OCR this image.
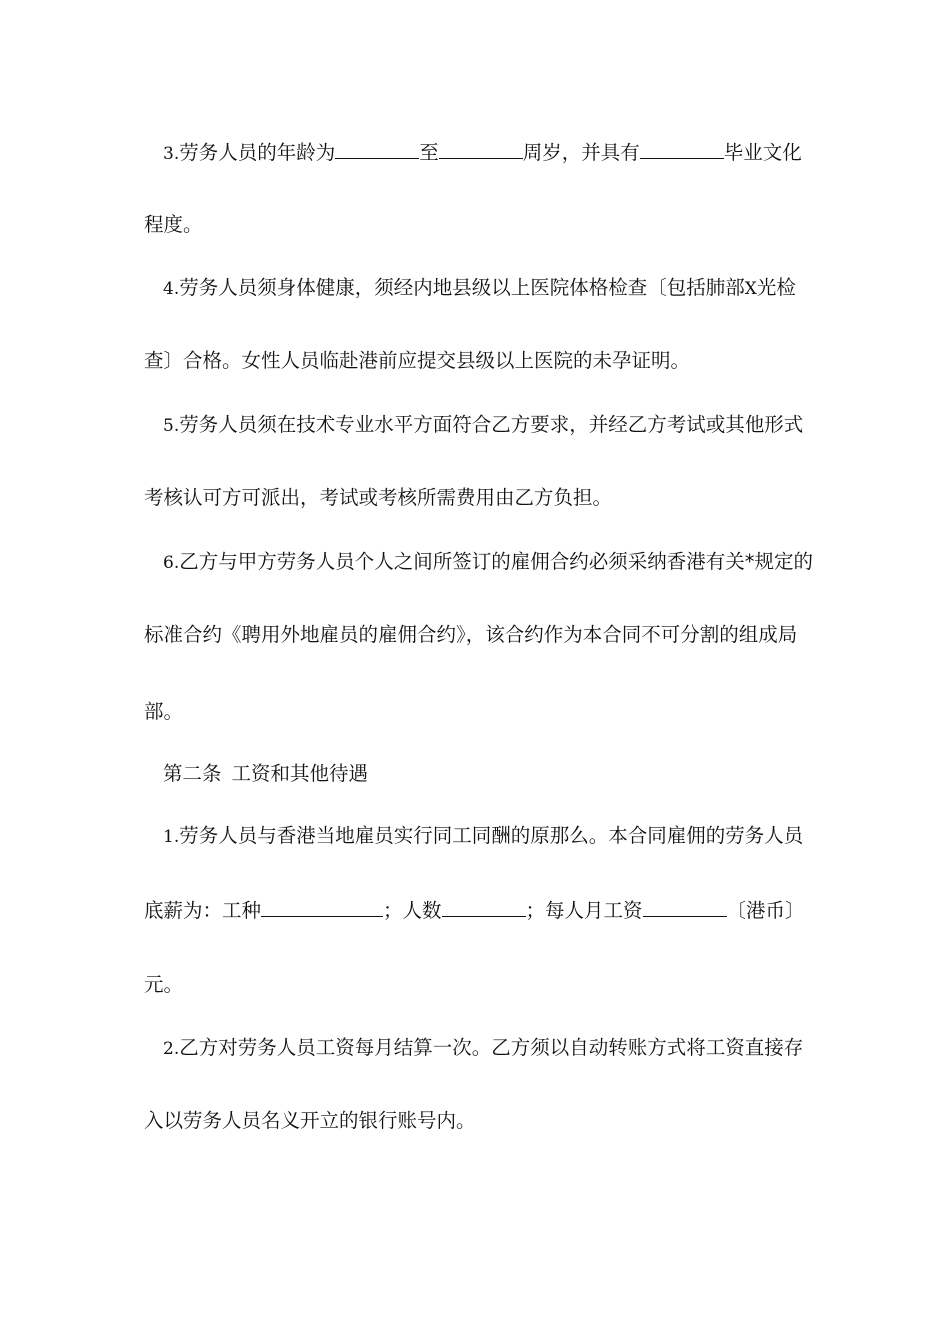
3.劳务人员的年龄为	至	周岁，并具有	毕业文化
程度。
4.劳务人员须身体健康，须经内地县级以上医院体格检查〔包括肺部X光检
查〕合格。女性人员临赴港前应提交县级以上医院的未孕证明。
5.劳务人员须在技术专业水平方面符合乙方要求，并经乙方考试或其他形式
考核认可方可派出，考试或考核所需费用由乙方负担。
6.乙方与甲方劳务人员个人之间所签订的雇佣合约必须采纳香港有关*规定的
标准合约《聘用外地雇员的雇佣合约》，该合约作为本合同不可分割的组成局
部。
第二条 工资和其他待遇
1.劳务人员与香港当地雇员实行同工同酬的原那么。本合同雇佣的劳务人员
底薪为：工种	；人数	；每人月工资	〔港币〕
元。
2.乙方对劳务人员工资每月结算一次。乙方须以自动转账方式将工资直接存
入以劳务人员名义开立的银行账号内。
